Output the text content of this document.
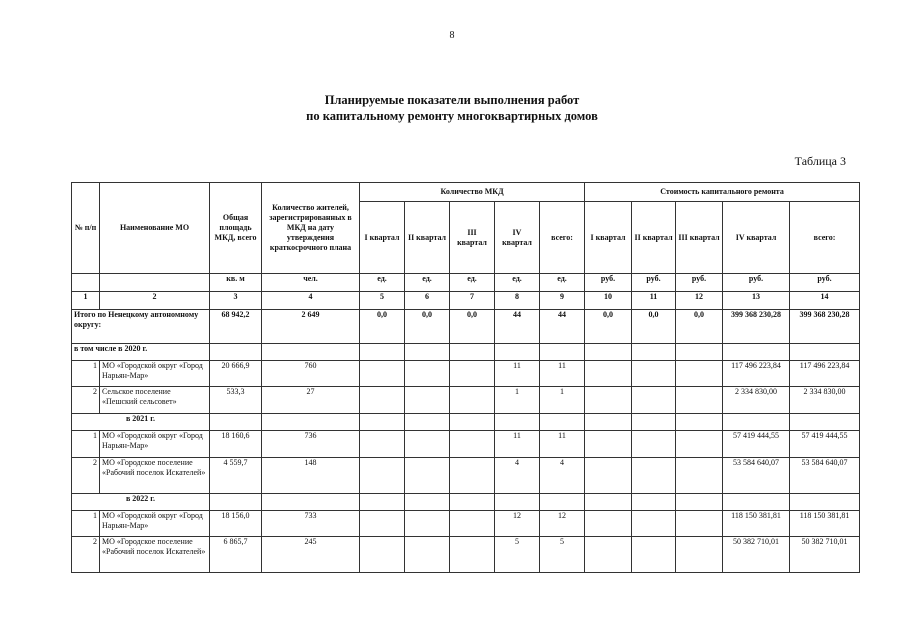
8
Планируемые показатели выполнения работ
по капитальному ремонту многоквартирных домов
Таблица 3
№ п/п	Наименование МО	Общая площадь МКД, всего	Количество жителей, зарегистрированных в МКД на дату утверждения краткосрочного плана	Количество МКД					Стоимость капитального ремонта				
				I квартал	II квартал	III квартал	IV квартал	всего:	I квартал	II квартал	III квартал	IV квартал	всего:
		кв. м	чел.	ед.	ед.	ед.	ед.	ед.	руб.	руб.	руб.	руб.	руб.
1	2	3	4	5	6	7	8	9	10	11	12	13	14
Итого по Ненецкому автономному округу:		68 942,2	2 649	0,0	0,0	0,0	44	44	0,0	0,0	0,0	399 368 230,28	399 368 230,28
в том числе в 2020 г.													
1	МО «Городской округ «Город Нарьян-Мар»	20 666,9	760				11	11				117 496 223,84	117 496 223,84
2	Сельское поселение «Пешский сельсовет»	533,3	27				1	1				2 334 830,00	2 334 830,00
в 2021 г.													
1	МО «Городской округ «Город Нарьян-Мар»	18 160,6	736				11	11				57 419 444,55	57 419 444,55
2	МО «Городское поселение «Рабочий поселок Искателей»	4 559,7	148				4	4				53 584 640,07	53 584 640,07
в 2022 г.													
1	МО «Городской округ «Город Нарьян-Мар»	18 156,0	733				12	12				118 150 381,81	118 150 381,81
2	МО «Городское поселение «Рабочий поселок Искателей»	6 865,7	245				5	5				50 382 710,01	50 382 710,01
